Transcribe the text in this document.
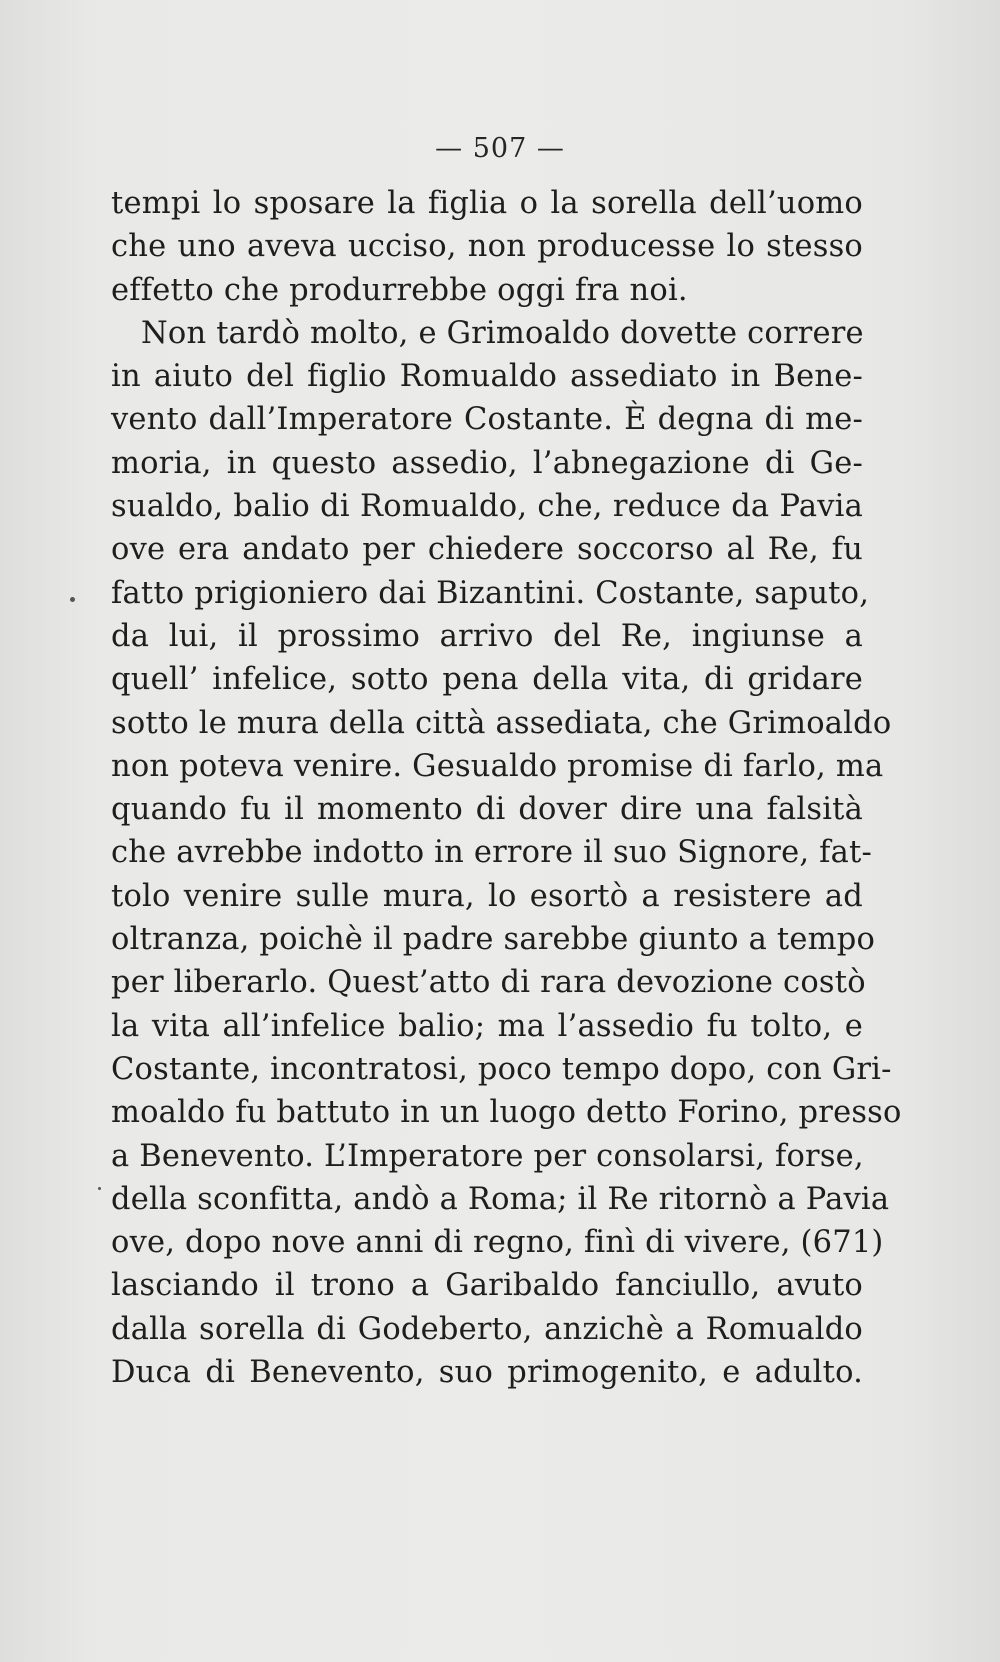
— 507 —
tempi lo sposare la figlia o la sorella dell’uomo
che uno aveva ucciso, non producesse lo stesso
effetto che produrrebbe oggi fra noi.
Non tardò molto, e Grimoaldo dovette correre
in aiuto del figlio Romualdo assediato in Bene-
vento dall’Imperatore Costante. È degna di me-
moria, in questo assedio, l’abnegazione di Ge-
sualdo, balio di Romualdo, che, reduce da Pavia
ove era andato per chiedere soccorso al Re, fu
fatto prigioniero dai Bizantini. Costante, saputo,
da lui, il prossimo arrivo del Re, ingiunse a
quell’ infelice, sotto pena della vita, di gridare
sotto le mura della città assediata, che Grimoaldo
non poteva venire. Gesualdo promise di farlo, ma
quando fu il momento di dover dire una falsità
che avrebbe indotto in errore il suo Signore, fat-
tolo venire sulle mura, lo esortò a resistere ad
oltranza, poichè il padre sarebbe giunto a tempo
per liberarlo. Quest’atto di rara devozione costò
la vita all’infelice balio; ma l’assedio fu tolto, e
Costante, incontratosi, poco tempo dopo, con Gri-
moaldo fu battuto in un luogo detto Forino, presso
a Benevento. L’Imperatore per consolarsi, forse,
della sconfitta, andò a Roma; il Re ritornò a Pavia
ove, dopo nove anni di regno, finì di vivere, (671)
lasciando il trono a Garibaldo fanciullo, avuto
dalla sorella di Godeberto, anzichè a Romualdo
Duca di Benevento, suo primogenito, e adulto.
